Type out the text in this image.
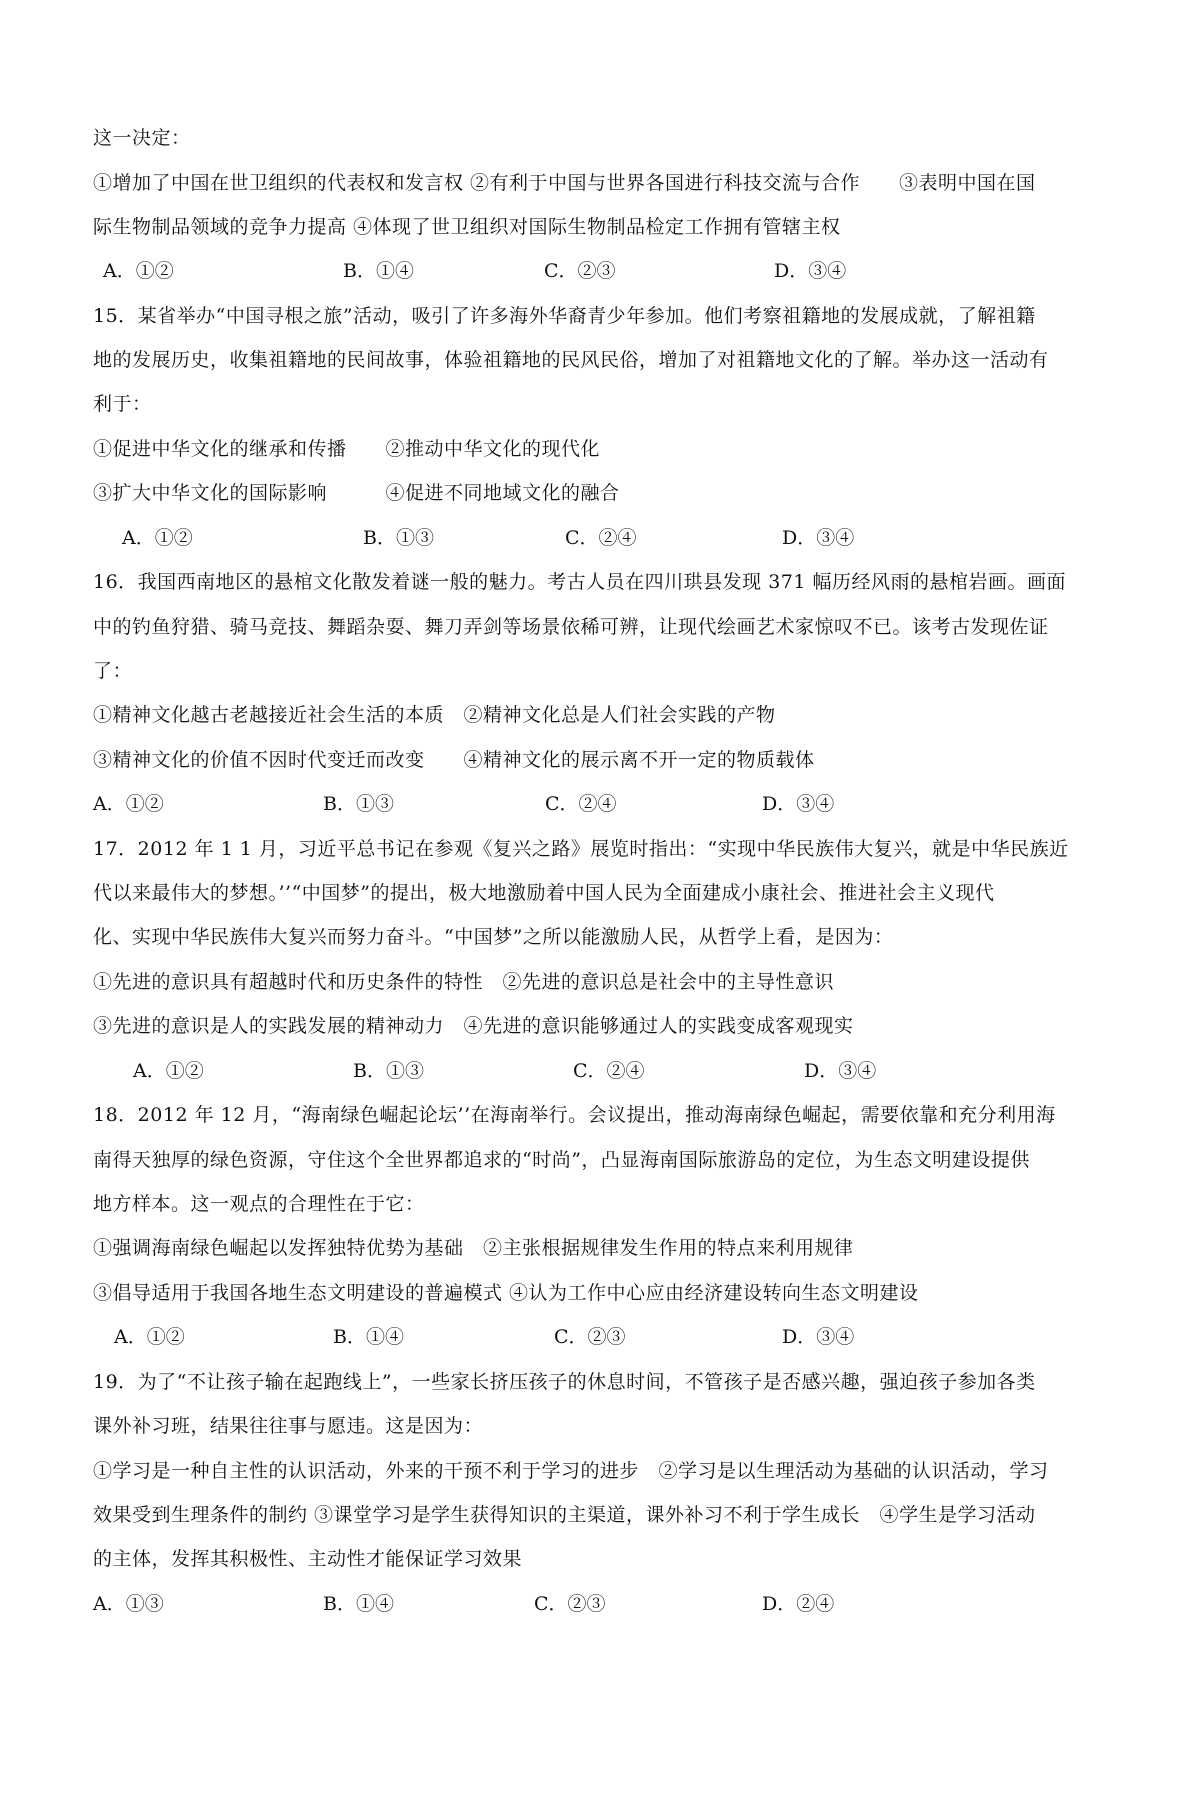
这一决定：
①增加了中国在世卫组织的代表权和发言权 ②有利于中国与世界各国进行科技交流与合作　　③表明中国在国
际生物制品领域的竞争力提高 ④体现了世卫组织对国际生物制品检定工作拥有管辖主权
A．①②	B．①④	C．②③	D．③④
15．某省举办“中国寻根之旅”活动，吸引了许多海外华裔青少年参加。他们考察祖籍地的发展成就，了解祖籍
地的发展历史，收集祖籍地的民间故事，体验祖籍地的民风民俗，增加了对祖籍地文化的了解。举办这一活动有
利于：
①促进中华文化的继承和传播　　②推动中华文化的现代化
③扩大中华文化的国际影响　　　④促进不同地域文化的融合
A．①②	B．①③	C．②④	D．③④
16．我国西南地区的悬棺文化散发着谜一般的魅力。考古人员在四川珙县发现 371 幅历经风雨的悬棺岩画。画面
中的钓鱼狩猎、骑马竞技、舞蹈杂耍、舞刀弄剑等场景依稀可辨，让现代绘画艺术家惊叹不已。该考古发现佐证
了：
①精神文化越古老越接近社会生活的本质　②精神文化总是人们社会实践的产物
③精神文化的价值不因时代变迁而改变　　④精神文化的展示离不开一定的物质载体
A．①②	B．①③	C．②④	D．③④
17．2012 年 1 1 月，习近平总书记在参观《复兴之路》展览时指出：“实现中华民族伟大复兴，就是中华民族近
代以来最伟大的梦想。’’“中国梦”的提出，极大地激励着中国人民为全面建成小康社会、推进社会主义现代
化、实现中华民族伟大复兴而努力奋斗。“中国梦”之所以能激励人民，从哲学上看，是因为：
①先进的意识具有超越时代和历史条件的特性　②先进的意识总是社会中的主导性意识
③先进的意识是人的实践发展的精神动力　④先进的意识能够通过人的实践变成客观现实
A．①②	B．①③	C．②④	D．③④
18．2012 年 12 月，“海南绿色崛起论坛’’在海南举行。会议提出，推动海南绿色崛起，需要依靠和充分利用海
南得天独厚的绿色资源，守住这个全世界都追求的“时尚”，凸显海南国际旅游岛的定位，为生态文明建设提供
地方样本。这一观点的合理性在于它：
①强调海南绿色崛起以发挥独特优势为基础　②主张根据规律发生作用的特点来利用规律
③倡导适用于我国各地生态文明建设的普遍模式 ④认为工作中心应由经济建设转向生态文明建设
A．①②	B．①④	C．②③	D．③④
19．为了“不让孩子输在起跑线上”，一些家长挤压孩子的休息时间，不管孩子是否感兴趣，强迫孩子参加各类
课外补习班，结果往往事与愿违。这是因为：
①学习是一种自主性的认识活动，外来的干预不利于学习的进步　②学习是以生理活动为基础的认识活动，学习
效果受到生理条件的制约 ③课堂学习是学生获得知识的主渠道，课外补习不利于学生成长　④学生是学习活动
的主体，发挥其积极性、主动性才能保证学习效果
A．①③	B．①④	C．②③	D．②④
